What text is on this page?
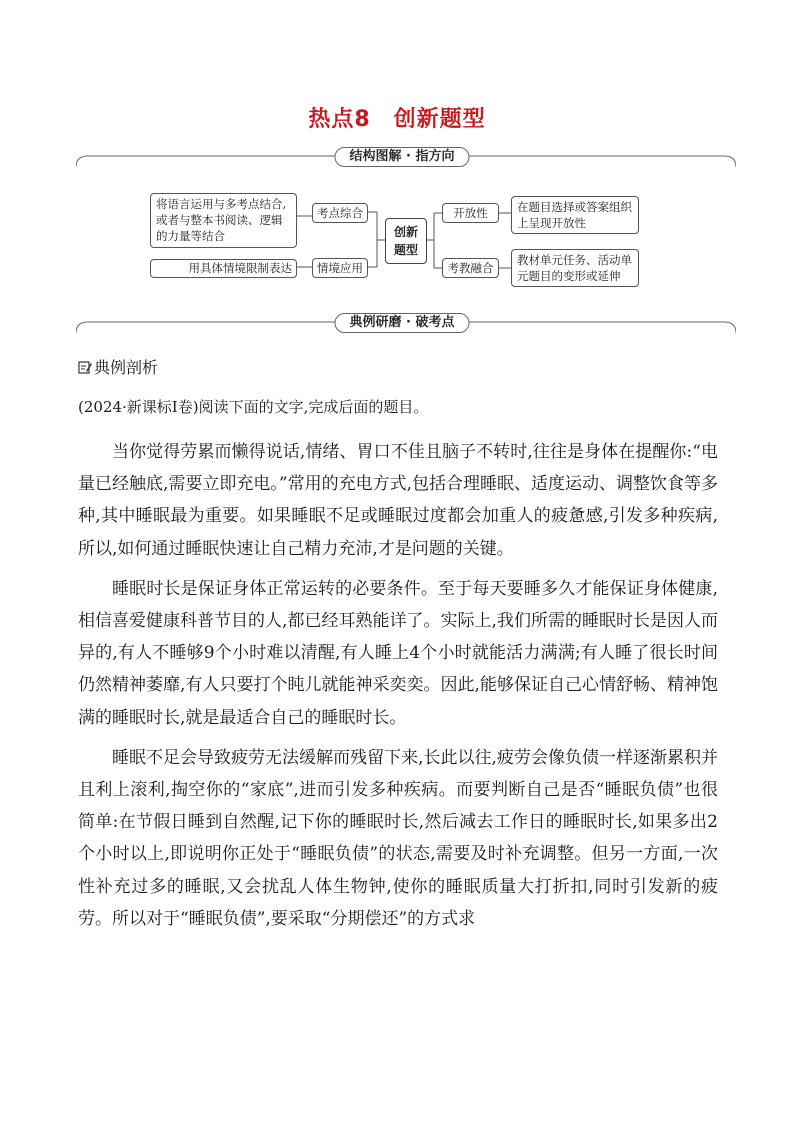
热点8　创新题型
结构图解 · 指方向
将语言运用与多考点结合,
或者与整本书阅读、逻辑
的力量等结合
用具体情境限制表达
考点综合
情境应用
创新
题型
开放性
考教融合
在题目选择或答案组织
上呈现开放性
教材单元任务、活动单
元题目的变形或延伸
典例研磨 · 破考点
典例剖析
(2024·新课标Ⅰ卷)阅读下面的文字,完成后面的题目。

当你觉得劳累而懒得说话,情绪、胃口不佳且脑子不转时,往往是身体在提醒你:“电量已经触底,需要立即充电。”常用的充电方式,包括合理睡眠、适度运动、调整饮食等多种,其中睡眠最为重要。如果睡眠不足或睡眠过度都会加重人的疲惫感,引发多种疾病,所以,如何通过睡眠快速让自己精力充沛,才是问题的关键。

睡眠时长是保证身体正常运转的必要条件。至于每天要睡多久才能保证身体健康,相信喜爱健康科普节目的人,都已经耳熟能详了。实际上,我们所需的睡眠时长是因人而异的,有人不睡够9个小时难以清醒,有人睡上4个小时就能活力满满;有人睡了很长时间仍然精神萎靡,有人只要打个盹儿就能神采奕奕。因此,能够保证自己心情舒畅、精神饱满的睡眠时长,就是最适合自己的睡眠时长。

睡眠不足会导致疲劳无法缓解而残留下来,长此以往,疲劳会像负债一样逐渐累积并且利上滚利,掏空你的“家底”,进而引发多种疾病。而要判断自己是否“睡眠负债”也很简单:在节假日睡到自然醒,记下你的睡眠时长,然后减去工作日的睡眠时长,如果多出2个小时以上,即说明你正处于“睡眠负债”的状态,需要及时补充调整。但另一方面,一次性补充过多的睡眠,又会扰乱人体生物钟,使你的睡眠质量大打折扣,同时引发新的疲劳。所以对于“睡眠负债”,要采取“分期偿还”的方式求
